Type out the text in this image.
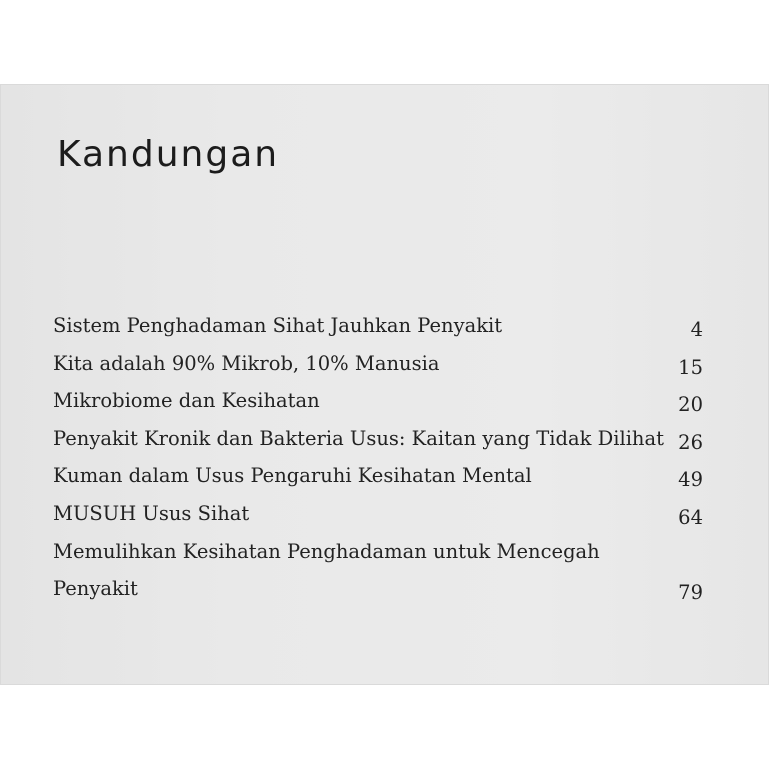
Kandungan
Sistem Penghadaman Sihat Jauhkan Penyakit	4
Kita adalah 90% Mikrob, 10% Manusia	15
Mikrobiome dan Kesihatan	20
Penyakit Kronik dan Bakteria Usus: Kaitan yang Tidak Dilihat 26
Kuman dalam Usus Pengaruhi Kesihatan Mental	49
MUSUH Usus Sihat	64
Memulihkan Kesihatan Penghadaman untuk Mencegah Penyakit	79
